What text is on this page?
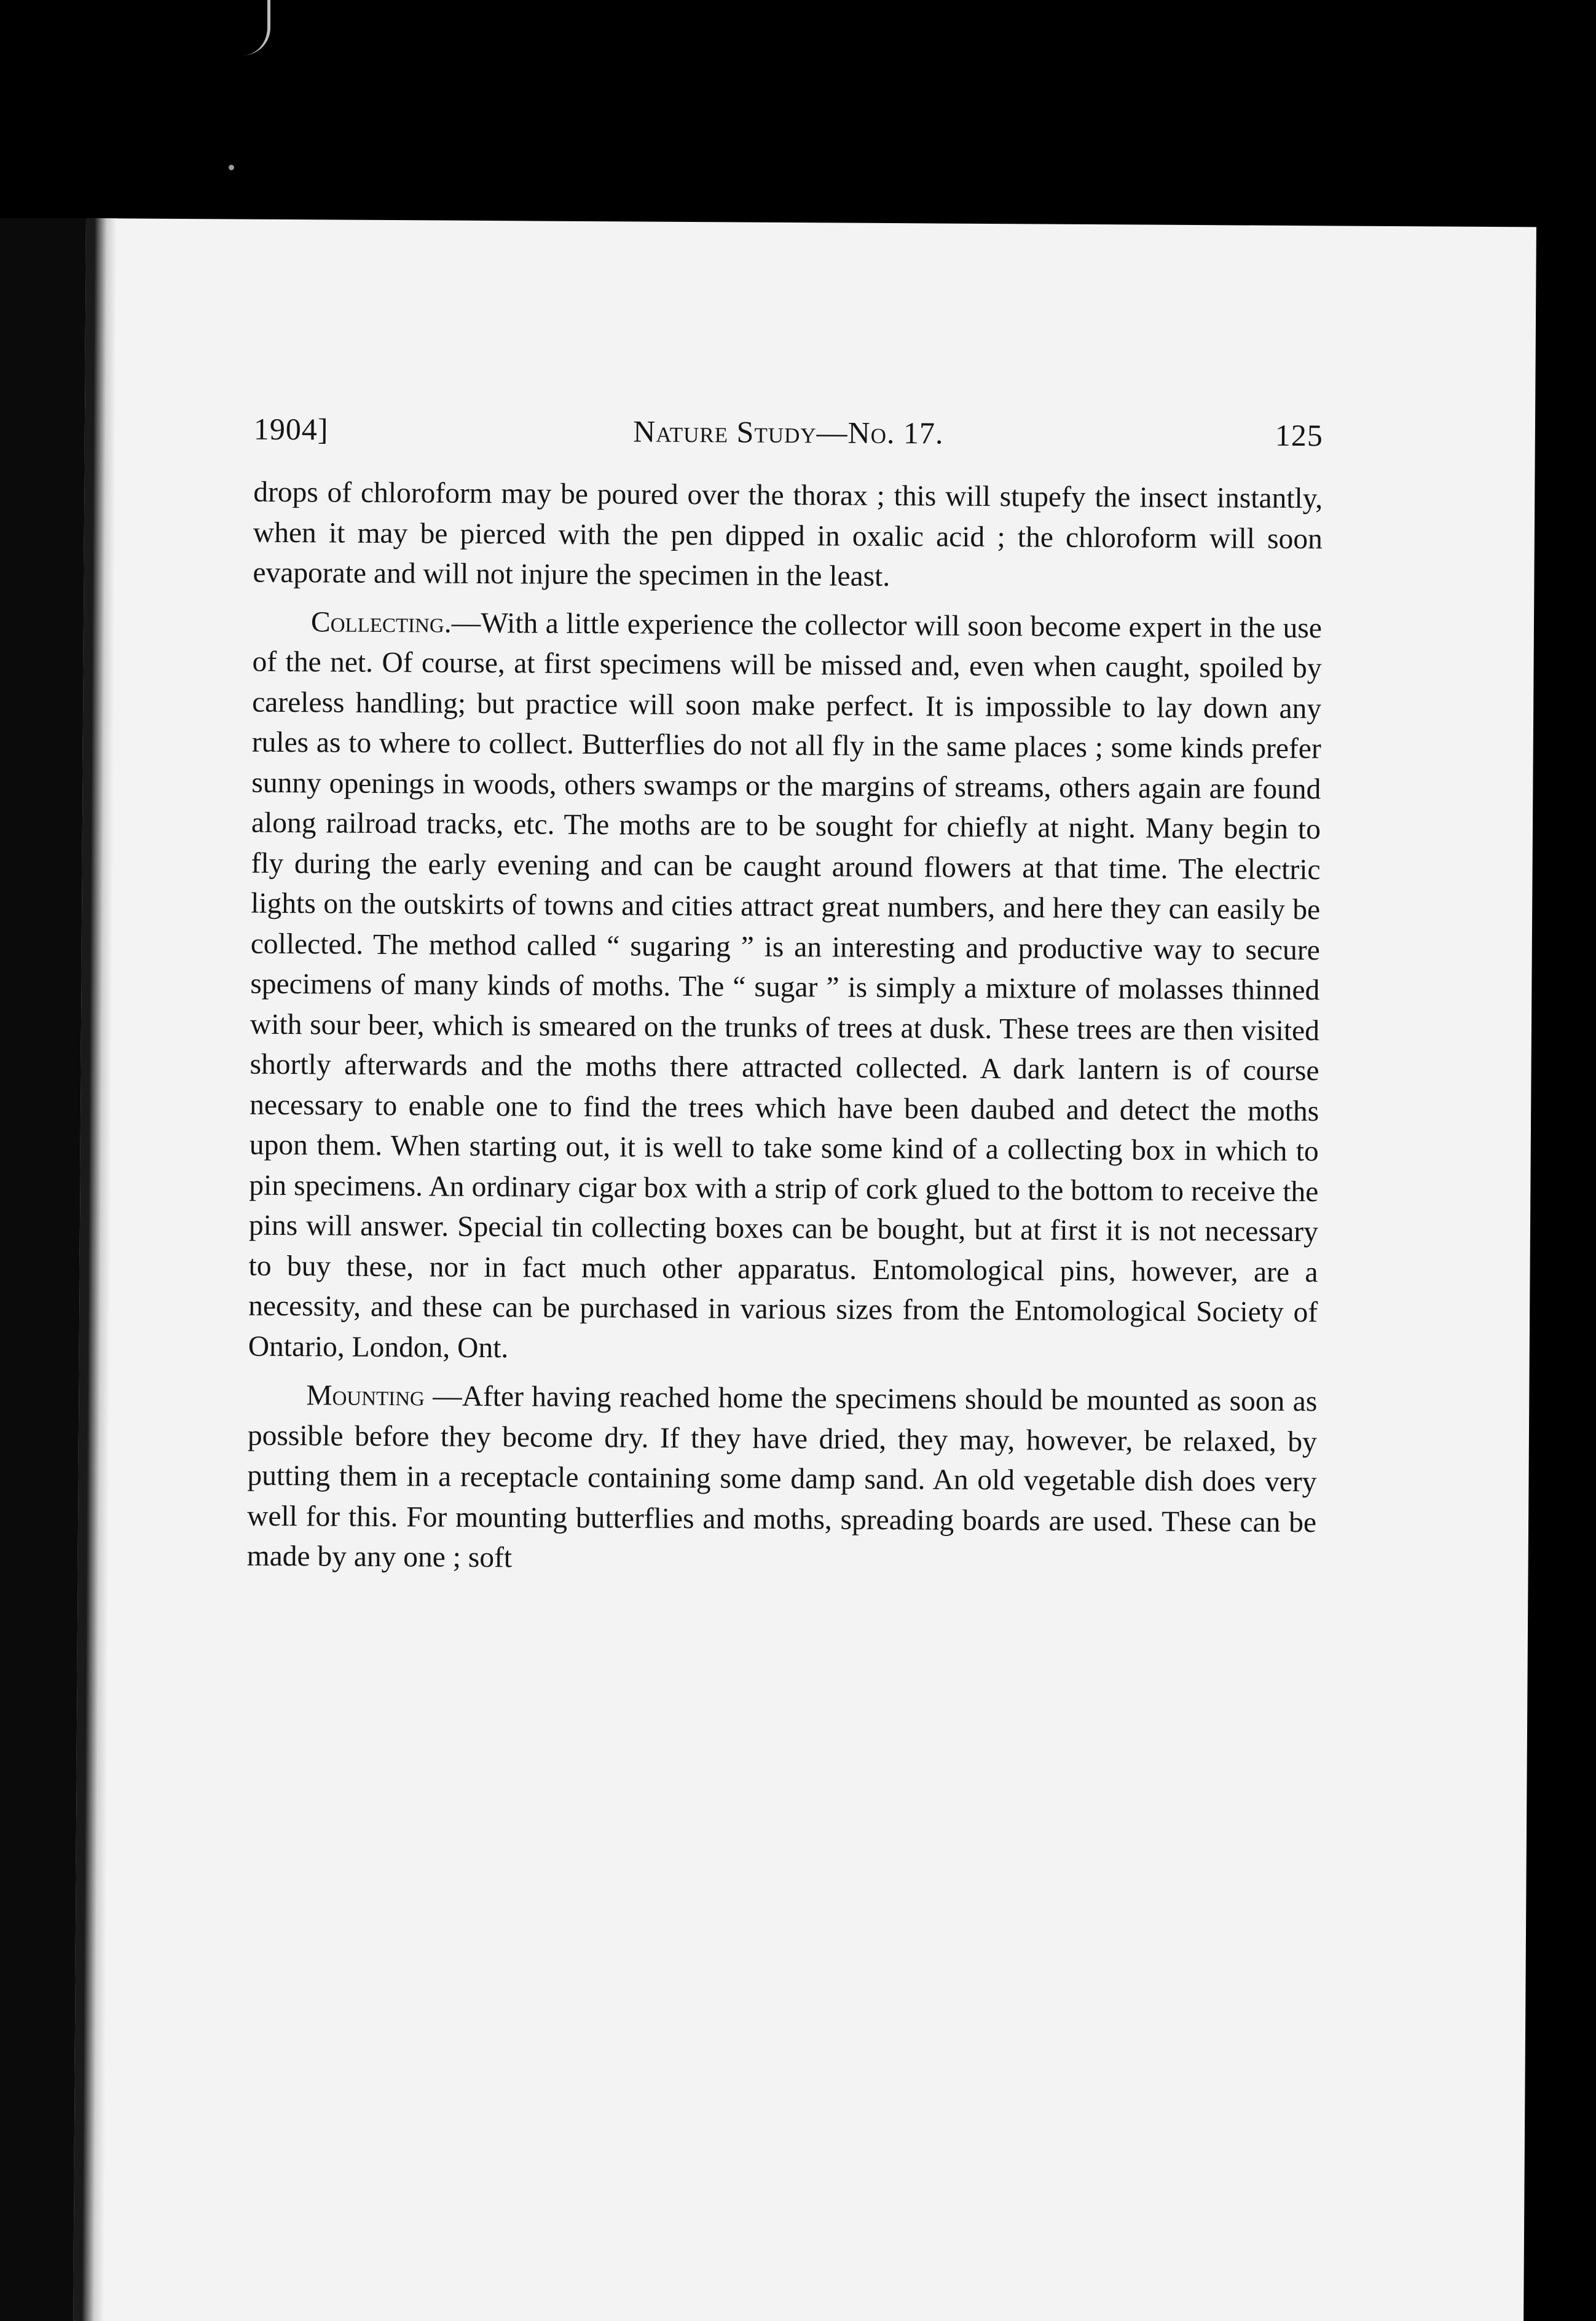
1904]	Nature Study—No. 17.	125

drops of chloroform may be poured over the thorax ; this will stupefy the insect instantly, when it may be pierced with the pen dipped in oxalic acid ; the chloroform will soon evaporate and will not injure the specimen in the least.

Collecting.—With a little experience the collector will soon become expert in the use of the net. Of course, at first specimens will be missed and, even when caught, spoiled by careless handling; but practice will soon make perfect. It is impossible to lay down any rules as to where to collect. Butterflies do not all fly in the same places ; some kinds prefer sunny openings in woods, others swamps or the margins of streams, others again are found along railroad tracks, etc. The moths are to be sought for chiefly at night. Many begin to fly during the early evening and can be caught around flowers at that time. The electric lights on the outskirts of towns and cities attract great numbers, and here they can easily be collected. The method called “ sugaring ” is an interesting and productive way to secure specimens of many kinds of moths. The “ sugar ” is simply a mixture of molasses thinned with sour beer, which is smeared on the trunks of trees at dusk. These trees are then visited shortly afterwards and the moths there attracted collected. A dark lantern is of course necessary to enable one to find the trees which have been daubed and detect the moths upon them. When starting out, it is well to take some kind of a collecting box in which to pin specimens. An ordinary cigar box with a strip of cork glued to the bottom to receive the pins will answer. Special tin collecting boxes can be bought, but at first it is not necessary to buy these, nor in fact much other apparatus. Entomological pins, however, are a necessity, and these can be purchased in various sizes from the Entomological Society of Ontario, London, Ont.

Mounting —After having reached home the specimens should be mounted as soon as possible before they become dry. If they have dried, they may, however, be relaxed, by putting them in a receptacle containing some damp sand. An old vegetable dish does very well for this. For mounting butterflies and moths, spreading boards are used. These can be made by any one ; soft
